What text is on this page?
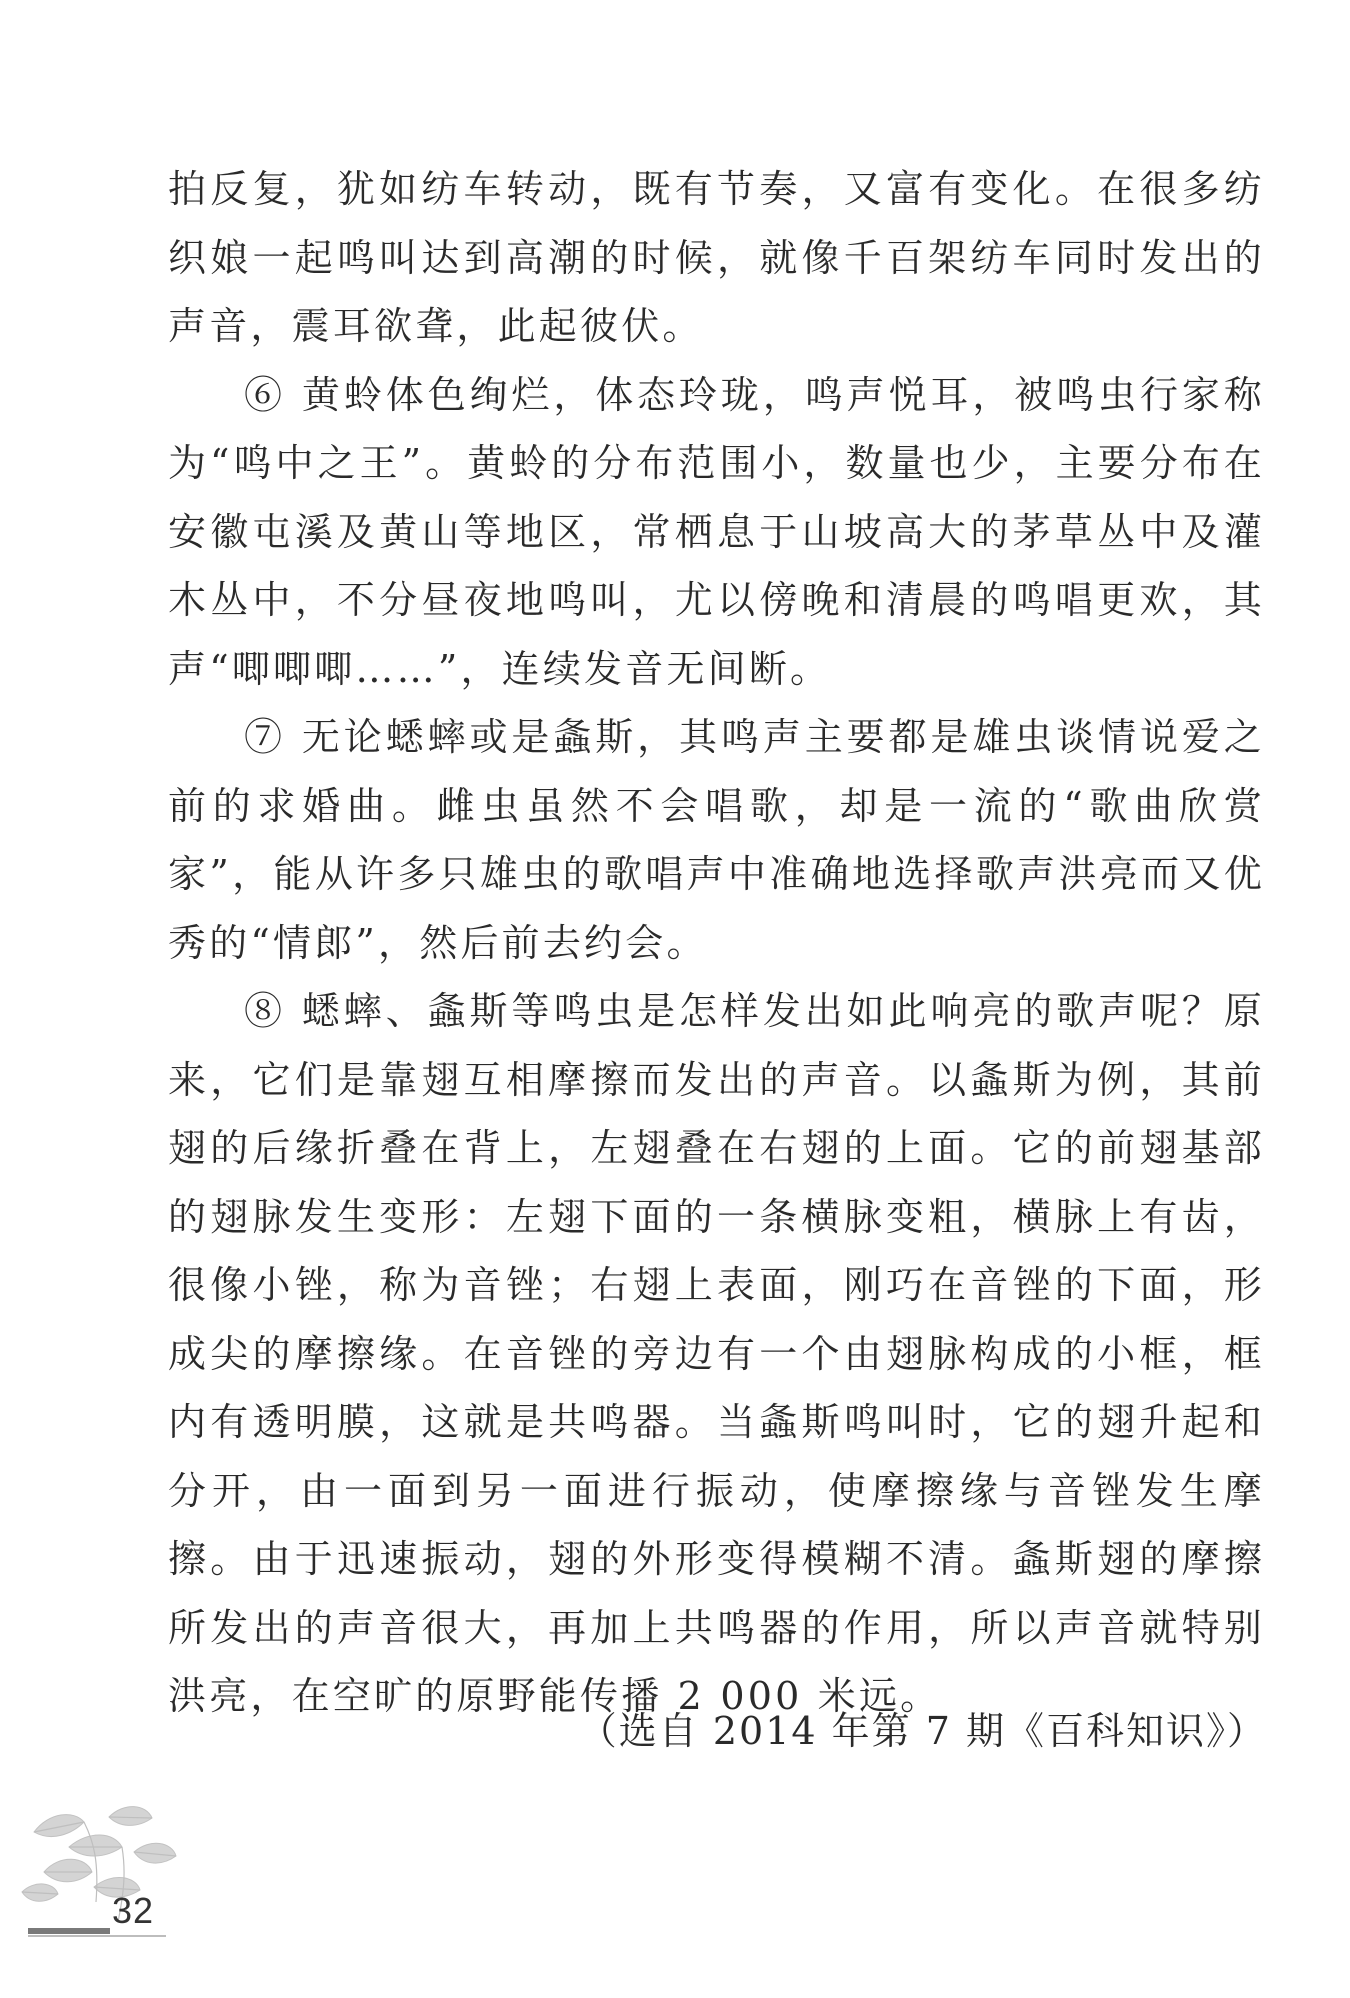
拍反复，犹如纺车转动，既有节奏，又富有变化。在很多纺织娘一起鸣叫达到高潮的时候，就像千百架纺车同时发出的声音，震耳欲聋，此起彼伏。

⑥ 黄蛉体色绚烂，体态玲珑，鸣声悦耳，被鸣虫行家称为“鸣中之王”。黄蛉的分布范围小，数量也少，主要分布在安徽屯溪及黄山等地区，常栖息于山坡高大的茅草丛中及灌木丛中，不分昼夜地鸣叫，尤以傍晚和清晨的鸣唱更欢，其声“唧唧唧……”，连续发音无间断。

⑦ 无论蟋蟀或是螽斯，其鸣声主要都是雄虫谈情说爱之前的求婚曲。雌虫虽然不会唱歌，却是一流的“歌曲欣赏家”，能从许多只雄虫的歌唱声中准确地选择歌声洪亮而又优秀的“情郎”，然后前去约会。

⑧ 蟋蟀、螽斯等鸣虫是怎样发出如此响亮的歌声呢？原来，它们是靠翅互相摩擦而发出的声音。以螽斯为例，其前翅的后缘折叠在背上，左翅叠在右翅的上面。它的前翅基部的翅脉发生变形：左翅下面的一条横脉变粗，横脉上有齿，很像小锉，称为音锉；右翅上表面，刚巧在音锉的下面，形成尖的摩擦缘。在音锉的旁边有一个由翅脉构成的小框，框内有透明膜，这就是共鸣器。当螽斯鸣叫时，它的翅升起和分开，由一面到另一面进行振动，使摩擦缘与音锉发生摩擦。由于迅速振动，翅的外形变得模糊不清。螽斯翅的摩擦所发出的声音很大，再加上共鸣器的作用，所以声音就特别洪亮，在空旷的原野能传播 2 000 米远。

（选自 2014 年第 7 期《百科知识》）
32
